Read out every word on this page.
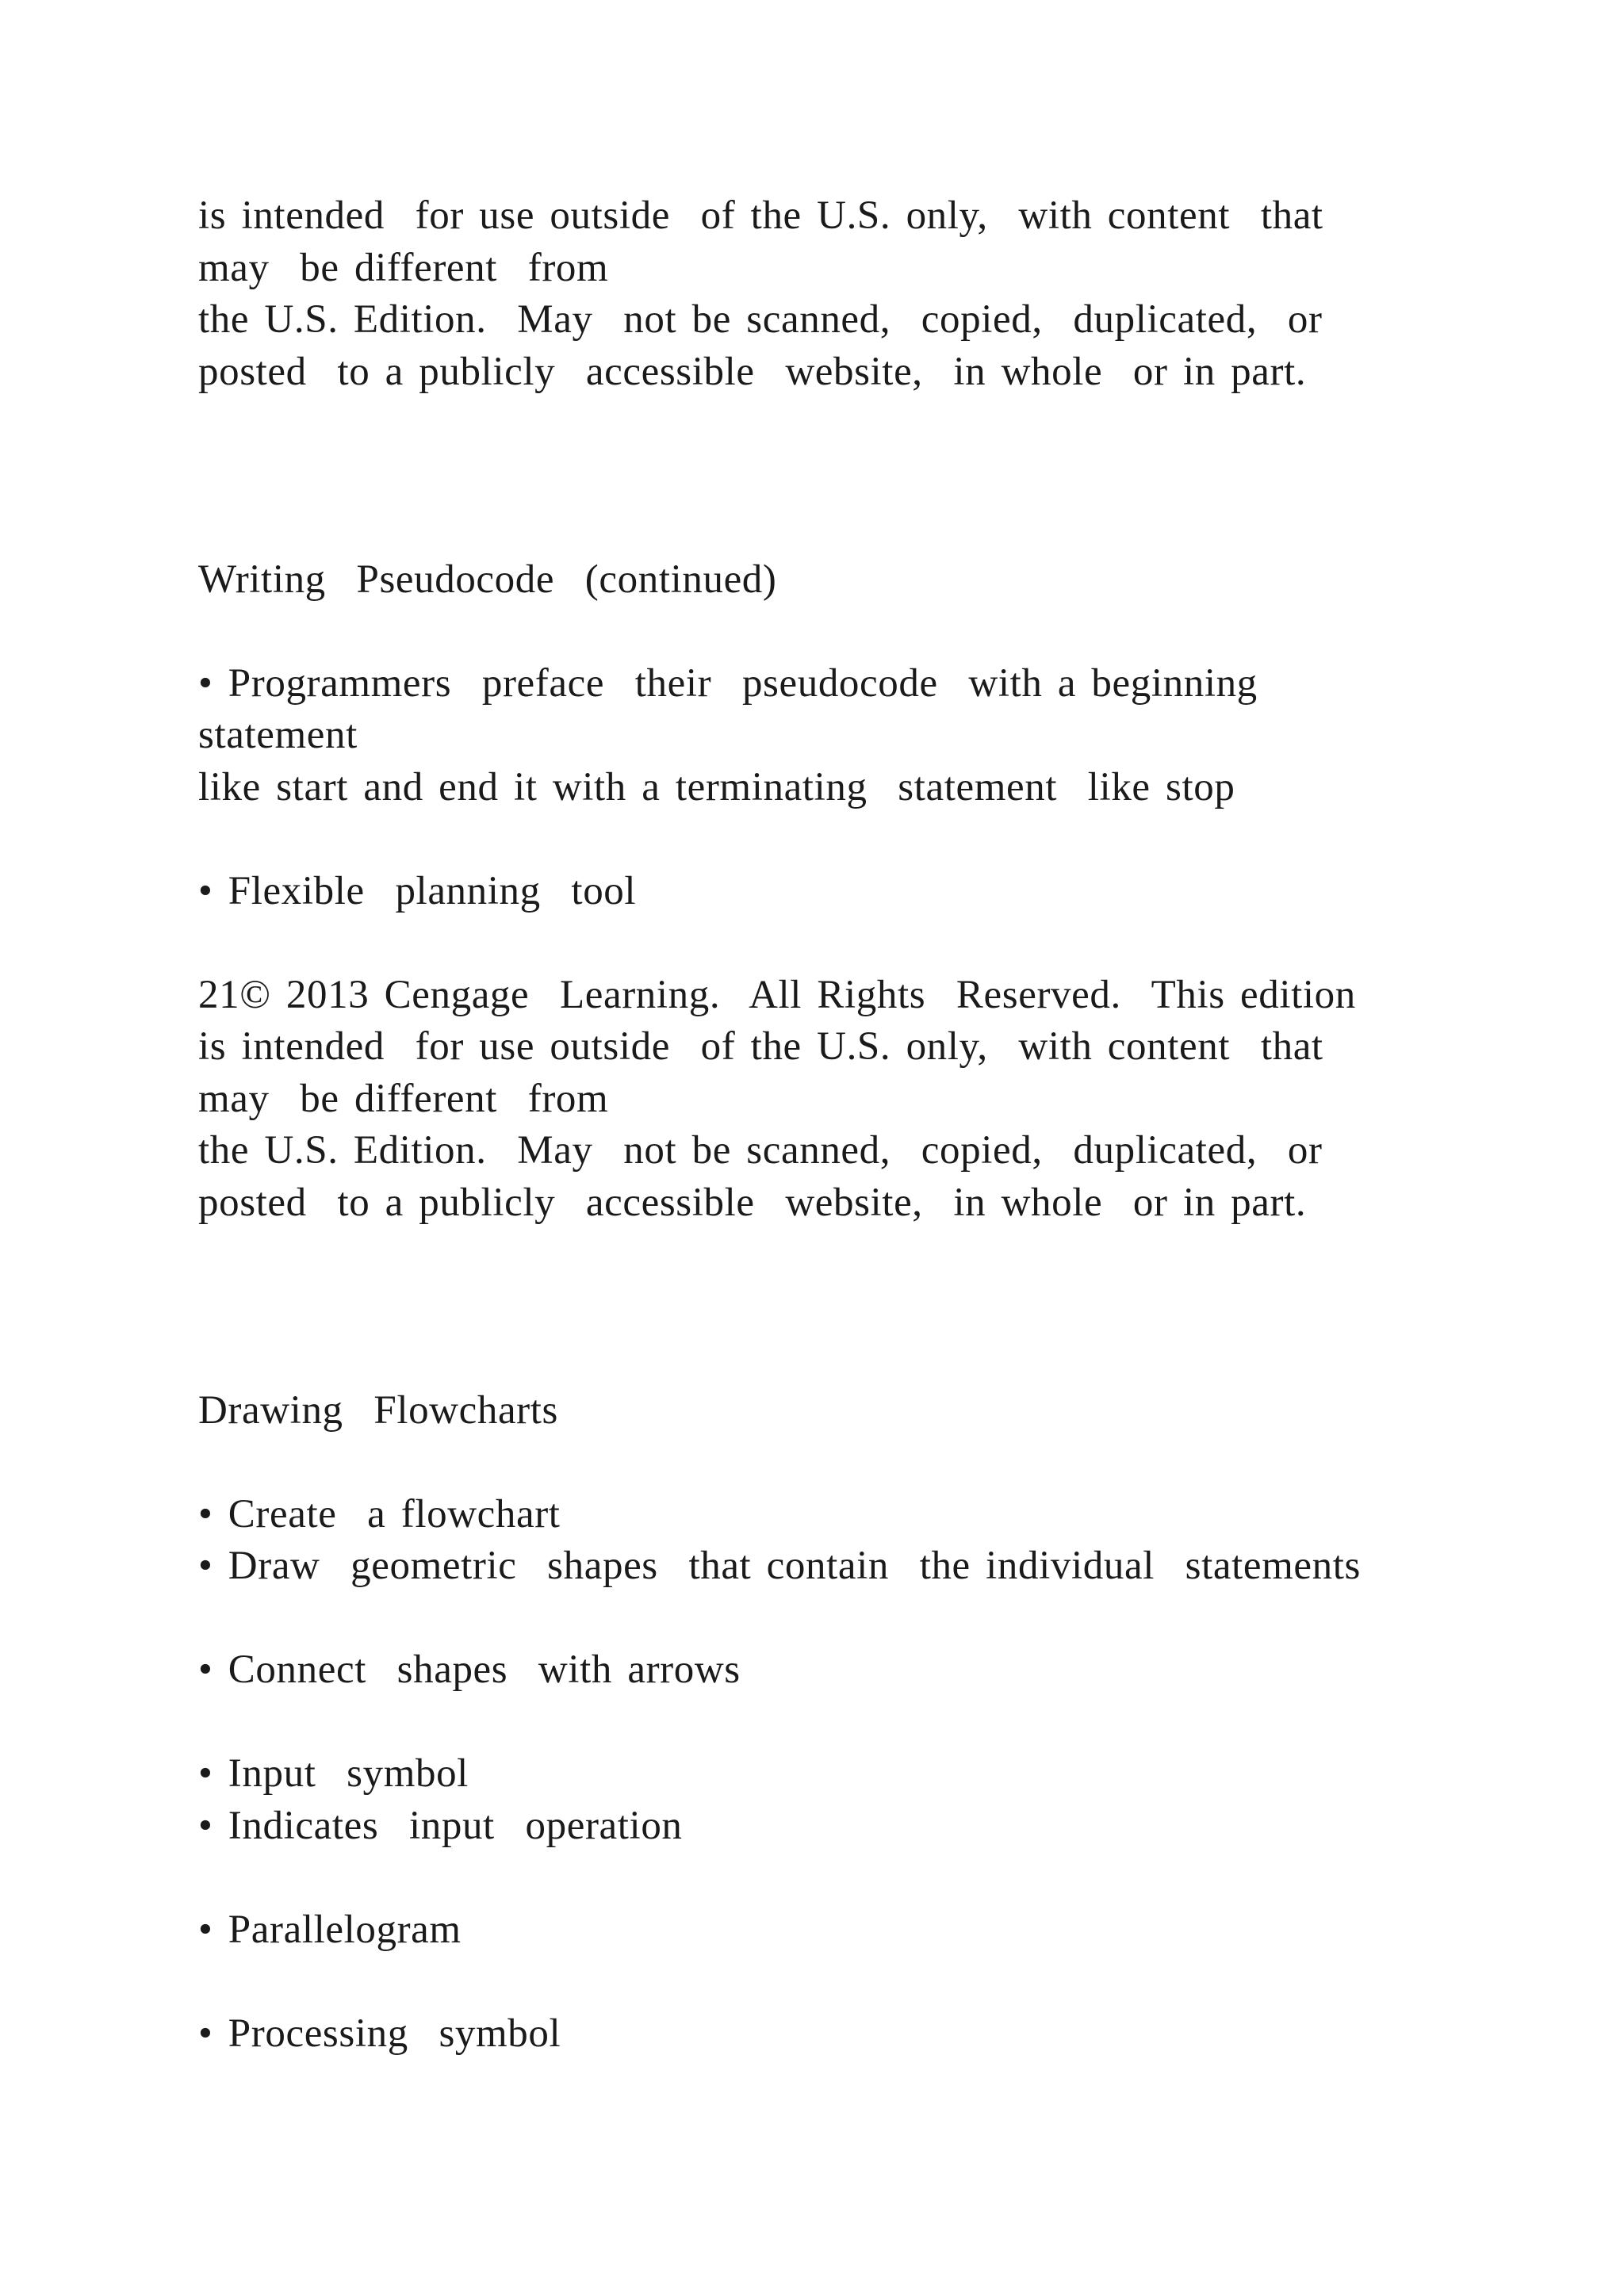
is intended  for use outside  of the U.S. only,  with content  that
may  be different  from
the U.S. Edition.  May  not be scanned,  copied,  duplicated,  or
posted  to a publicly  accessible  website,  in whole  or in part.
Writing  Pseudocode  (continued)
• Programmers  preface  their  pseudocode  with a beginning
statement
like start and end it with a terminating  statement  like stop
• Flexible  planning  tool
21© 2013 Cengage  Learning.  All Rights  Reserved.  This edition
is intended  for use outside  of the U.S. only,  with content  that
may  be different  from
the U.S. Edition.  May  not be scanned,  copied,  duplicated,  or
posted  to a publicly  accessible  website,  in whole  or in part.
Drawing  Flowcharts
• Create  a flowchart
• Draw  geometric  shapes  that contain  the individual  statements
• Connect  shapes  with arrows
• Input  symbol
• Indicates  input  operation
• Parallelogram
• Processing  symbol
